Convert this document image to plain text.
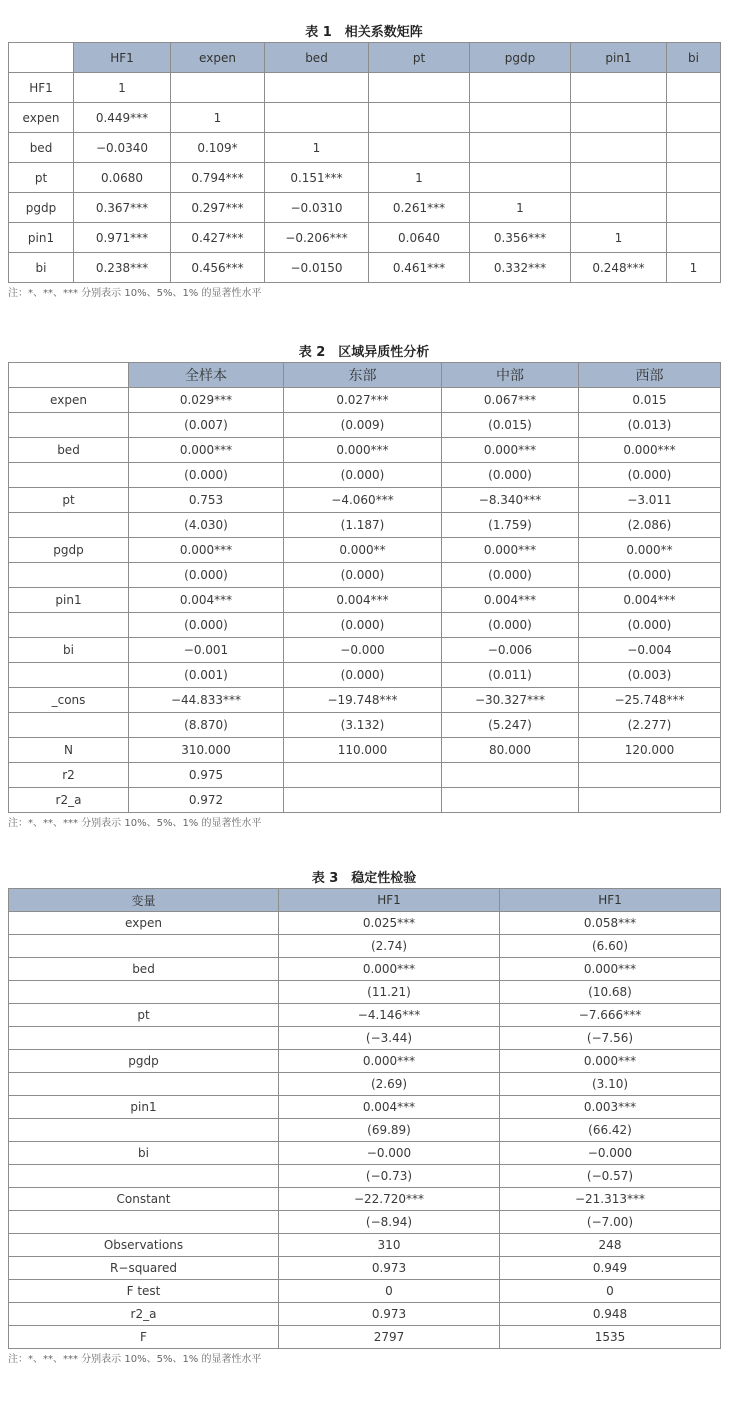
表 1　相关系数矩阵
	HF1	expen	bed	pt	pgdp	pin1	bi
HF1	1						
expen	0.449***	1					
bed	−0.0340	0.109*	1				
pt	0.0680	0.794***	0.151***	1			
pgdp	0.367***	0.297***	−0.0310	0.261***	1		
pin1	0.971***	0.427***	−0.206***	0.0640	0.356***	1	
bi	0.238***	0.456***	−0.0150	0.461***	0.332***	0.248***	1
注：*、**、*** 分别表示 10%、5%、1% 的显著性水平
表 2　区域异质性分析
	全样本	东部	中部	西部
expen	0.029***	0.027***	0.067***	0.015
	(0.007)	(0.009)	(0.015)	(0.013)
bed	0.000***	0.000***	0.000***	0.000***
	(0.000)	(0.000)	(0.000)	(0.000)
pt	0.753	−4.060***	−8.340***	−3.011
	(4.030)	(1.187)	(1.759)	(2.086)
pgdp	0.000***	0.000**	0.000***	0.000**
	(0.000)	(0.000)	(0.000)	(0.000)
pin1	0.004***	0.004***	0.004***	0.004***
	(0.000)	(0.000)	(0.000)	(0.000)
bi	−0.001	−0.000	−0.006	−0.004
	(0.001)	(0.000)	(0.011)	(0.003)
_cons	−44.833***	−19.748***	−30.327***	−25.748***
	(8.870)	(3.132)	(5.247)	(2.277)
N	310.000	110.000	80.000	120.000
r2	0.975			
r2_a	0.972			
注：*、**、*** 分别表示 10%、5%、1% 的显著性水平
表 3　稳定性检验
变量	HF1	HF1
expen	0.025***	0.058***
	(2.74)	(6.60)
bed	0.000***	0.000***
	(11.21)	(10.68)
pt	−4.146***	−7.666***
	(−3.44)	(−7.56)
pgdp	0.000***	0.000***
	(2.69)	(3.10)
pin1	0.004***	0.003***
	(69.89)	(66.42)
bi	−0.000	−0.000
	(−0.73)	(−0.57)
Constant	−22.720***	−21.313***
	(−8.94)	(−7.00)
Observations	310	248
R−squared	0.973	0.949
F test	0	0
r2_a	0.973	0.948
F	2797	1535
注：*、**、*** 分别表示 10%、5%、1% 的显著性水平
